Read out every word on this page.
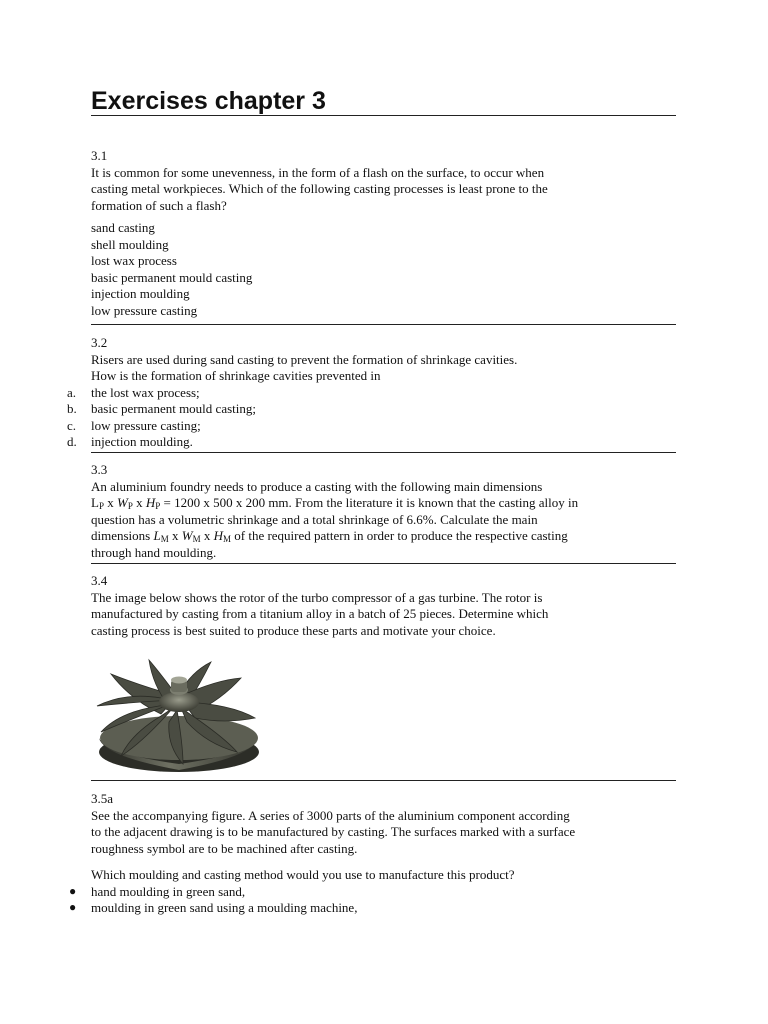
Exercises chapter 3
3.1

It is common for some unevenness, in the form of a flash on the surface, to occur when
casting metal workpieces. Which of the following casting processes is least prone to the
formation of such a flash?

sand casting
shell moulding
lost wax process
basic permanent mould casting
injection moulding
low pressure casting
3.2

Risers are used during sand casting to prevent the formation of shrinkage cavities.
How is the formation of shrinkage cavities prevented in

a. the lost wax process;
b. basic permanent mould casting;
c. low pressure casting;
d. injection moulding.
3.3

An aluminium foundry needs to produce a casting with the following main dimensions
$L_P$ x $W_P$ x $H_P = 1200$ x 500 x 200 mm. From the literature it is known that the casting alloy in
question has a volumetric shrinkage and a total shrinkage of 6.6%. Calculate the main
dimensions $L_M$ x $W_M$ x $H_M$ of the required pattern in order to produce the respective casting
through hand moulding.

3.4

The image below shows the rotor of the turbo compressor of a gas turbine. The rotor is
manufactured by casting from a titanium alloy in a batch of 25 pieces. Determine which
casting process is best suited to produce these parts and motivate your choice.

3.5a

See the accompanying figure. A series of 3000 parts of the aluminium component according
to the adjacent drawing is to be manufactured by casting. The surfaces marked with a surface
roughness symbol are to be machined after casting.

Which moulding and casting method would you use to manufacture this product?

● hand moulding in green sand,
● moulding in green sand using a moulding machine,
